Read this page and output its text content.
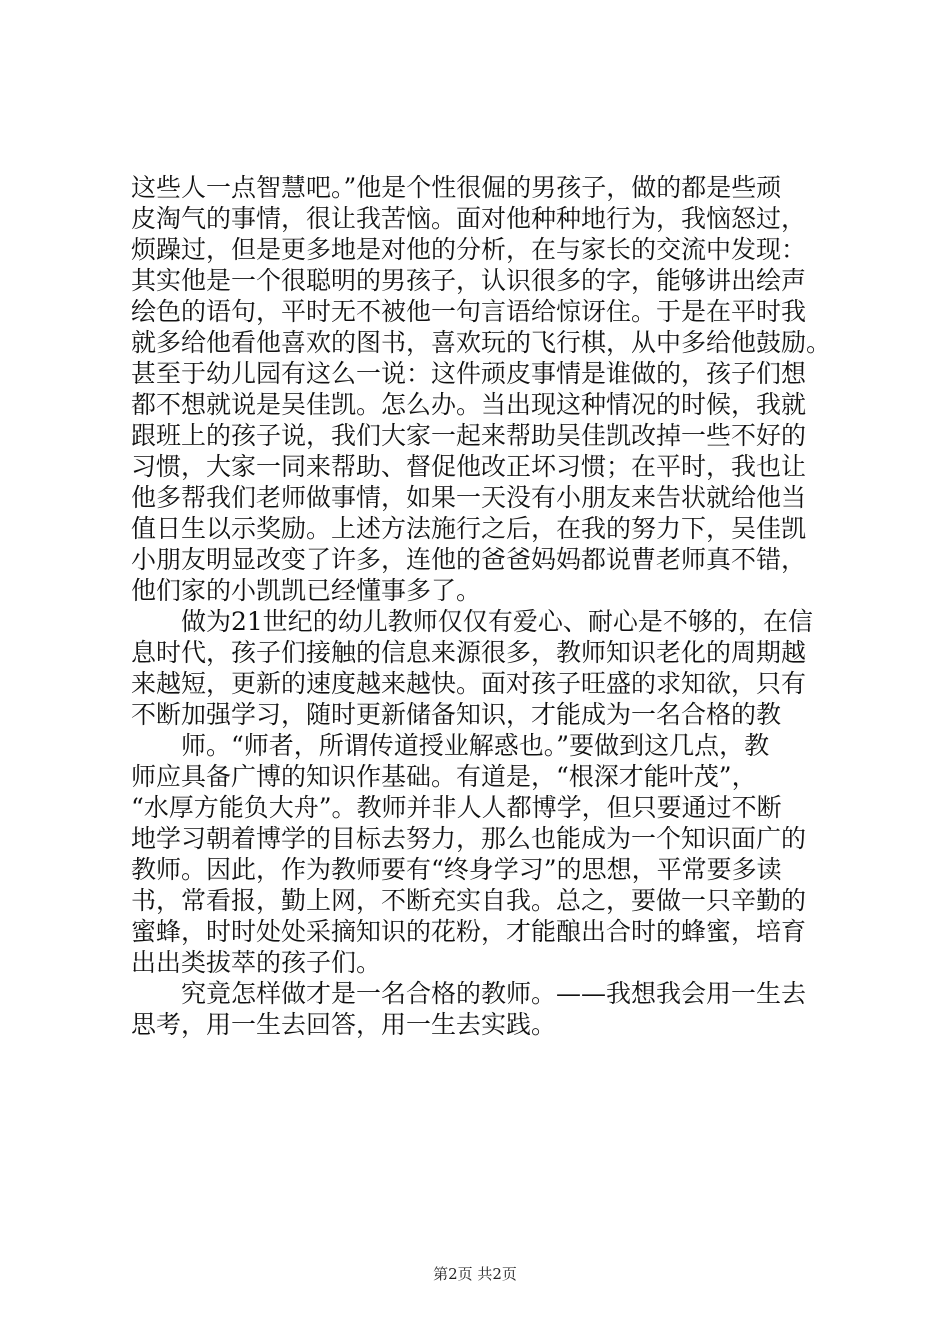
这些人一点智慧吧。”他是个性很倔的男孩子，做的都是些顽
皮淘气的事情，很让我苦恼。面对他种种地行为，我恼怒过，
烦躁过，但是更多地是对他的分析，在与家长的交流中发现：
其实他是一个很聪明的男孩子，认识很多的字，能够讲出绘声
绘色的语句，平时无不被他一句言语给惊讶住。于是在平时我
就多给他看他喜欢的图书，喜欢玩的飞行棋，从中多给他鼓励。
甚至于幼儿园有这么一说：这件顽皮事情是谁做的，孩子们想
都不想就说是吴佳凯。怎么办。当出现这种情况的时候，我就
跟班上的孩子说，我们大家一起来帮助吴佳凯改掉一些不好的
习惯，大家一同来帮助、督促他改正坏习惯；在平时，我也让
他多帮我们老师做事情，如果一天没有小朋友来告状就给他当
值日生以示奖励。上述方法施行之后，在我的努力下，吴佳凯
小朋友明显改变了许多，连他的爸爸妈妈都说曹老师真不错，
他们家的小凯凯已经懂事多了。
做为21世纪的幼儿教师仅仅有爱心、耐心是不够的，在信
息时代，孩子们接触的信息来源很多，教师知识老化的周期越
来越短，更新的速度越来越快。面对孩子旺盛的求知欲，只有
不断加强学习，随时更新储备知识，才能成为一名合格的教
师。“师者，所谓传道授业解惑也。”要做到这几点，教
师应具备广博的知识作基础。有道是，“根深才能叶茂”，
“水厚方能负大舟”。教师并非人人都博学，但只要通过不断
地学习朝着博学的目标去努力，那么也能成为一个知识面广的
教师。因此，作为教师要有“终身学习”的思想，平常要多读
书，常看报，勤上网，不断充实自我。总之，要做一只辛勤的
蜜蜂，时时处处采摘知识的花粉，才能酿出合时的蜂蜜，培育
出出类拔萃的孩子们。
究竟怎样做才是一名合格的教师。——我想我会用一生去
思考，用一生去回答，用一生去实践。
第2页 共2页
